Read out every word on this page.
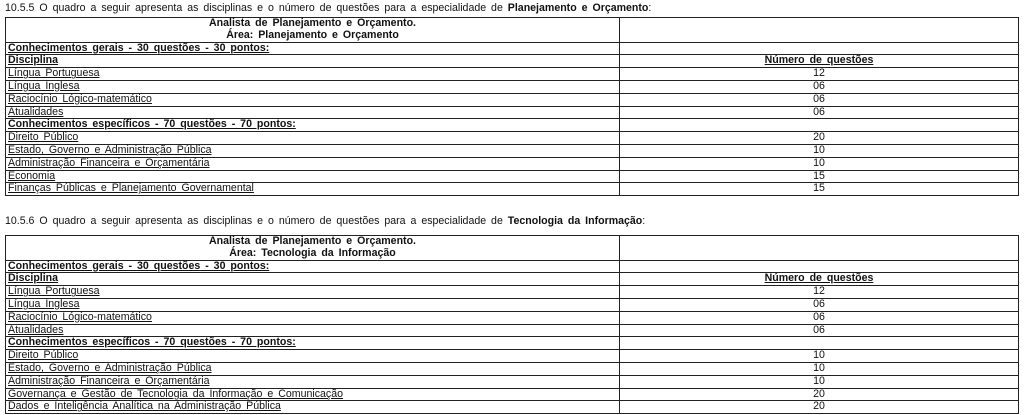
10.5.5 O quadro a seguir apresenta as disciplinas e o número de questões para a especialidade de Planejamento e Orçamento:
Analista de Planejamento e Orçamento.
Área: Planejamento e Orçamento	

Conhecimentos gerais - 30 questões - 30 pontos:	
Disciplina	Número de questões
Língua Portuguesa	12
Língua Inglesa	06
Raciocínio Lógico-matemático	06
Atualidades	06
Conhecimentos específicos - 70 questões - 70 pontos:	
Direito Público	20
Estado, Governo e Administração Pública	10
Administração Financeira e Orçamentária	10
Economia	15
Finanças Públicas e Planejamento Governamental	15
10.5.6 O quadro a seguir apresenta as disciplinas e o número de questões para a especialidade de Tecnologia da Informação:
Analista de Planejamento e Orçamento.
Área: Tecnologia da Informação	

Conhecimentos gerais - 30 questões - 30 pontos:	
Disciplina	Número de questões
Língua Portuguesa	12
Língua Inglesa	06
Raciocínio Lógico-matemático	06
Atualidades	06
Conhecimentos específicos - 70 questões - 70 pontos:	
Direito Público	10
Estado, Governo e Administração Pública	10
Administração Financeira e Orçamentária	10
Governança e Gestão de Tecnologia da Informação e Comunicação	20
Dados e Inteligência Analítica na Administração Pública	20
